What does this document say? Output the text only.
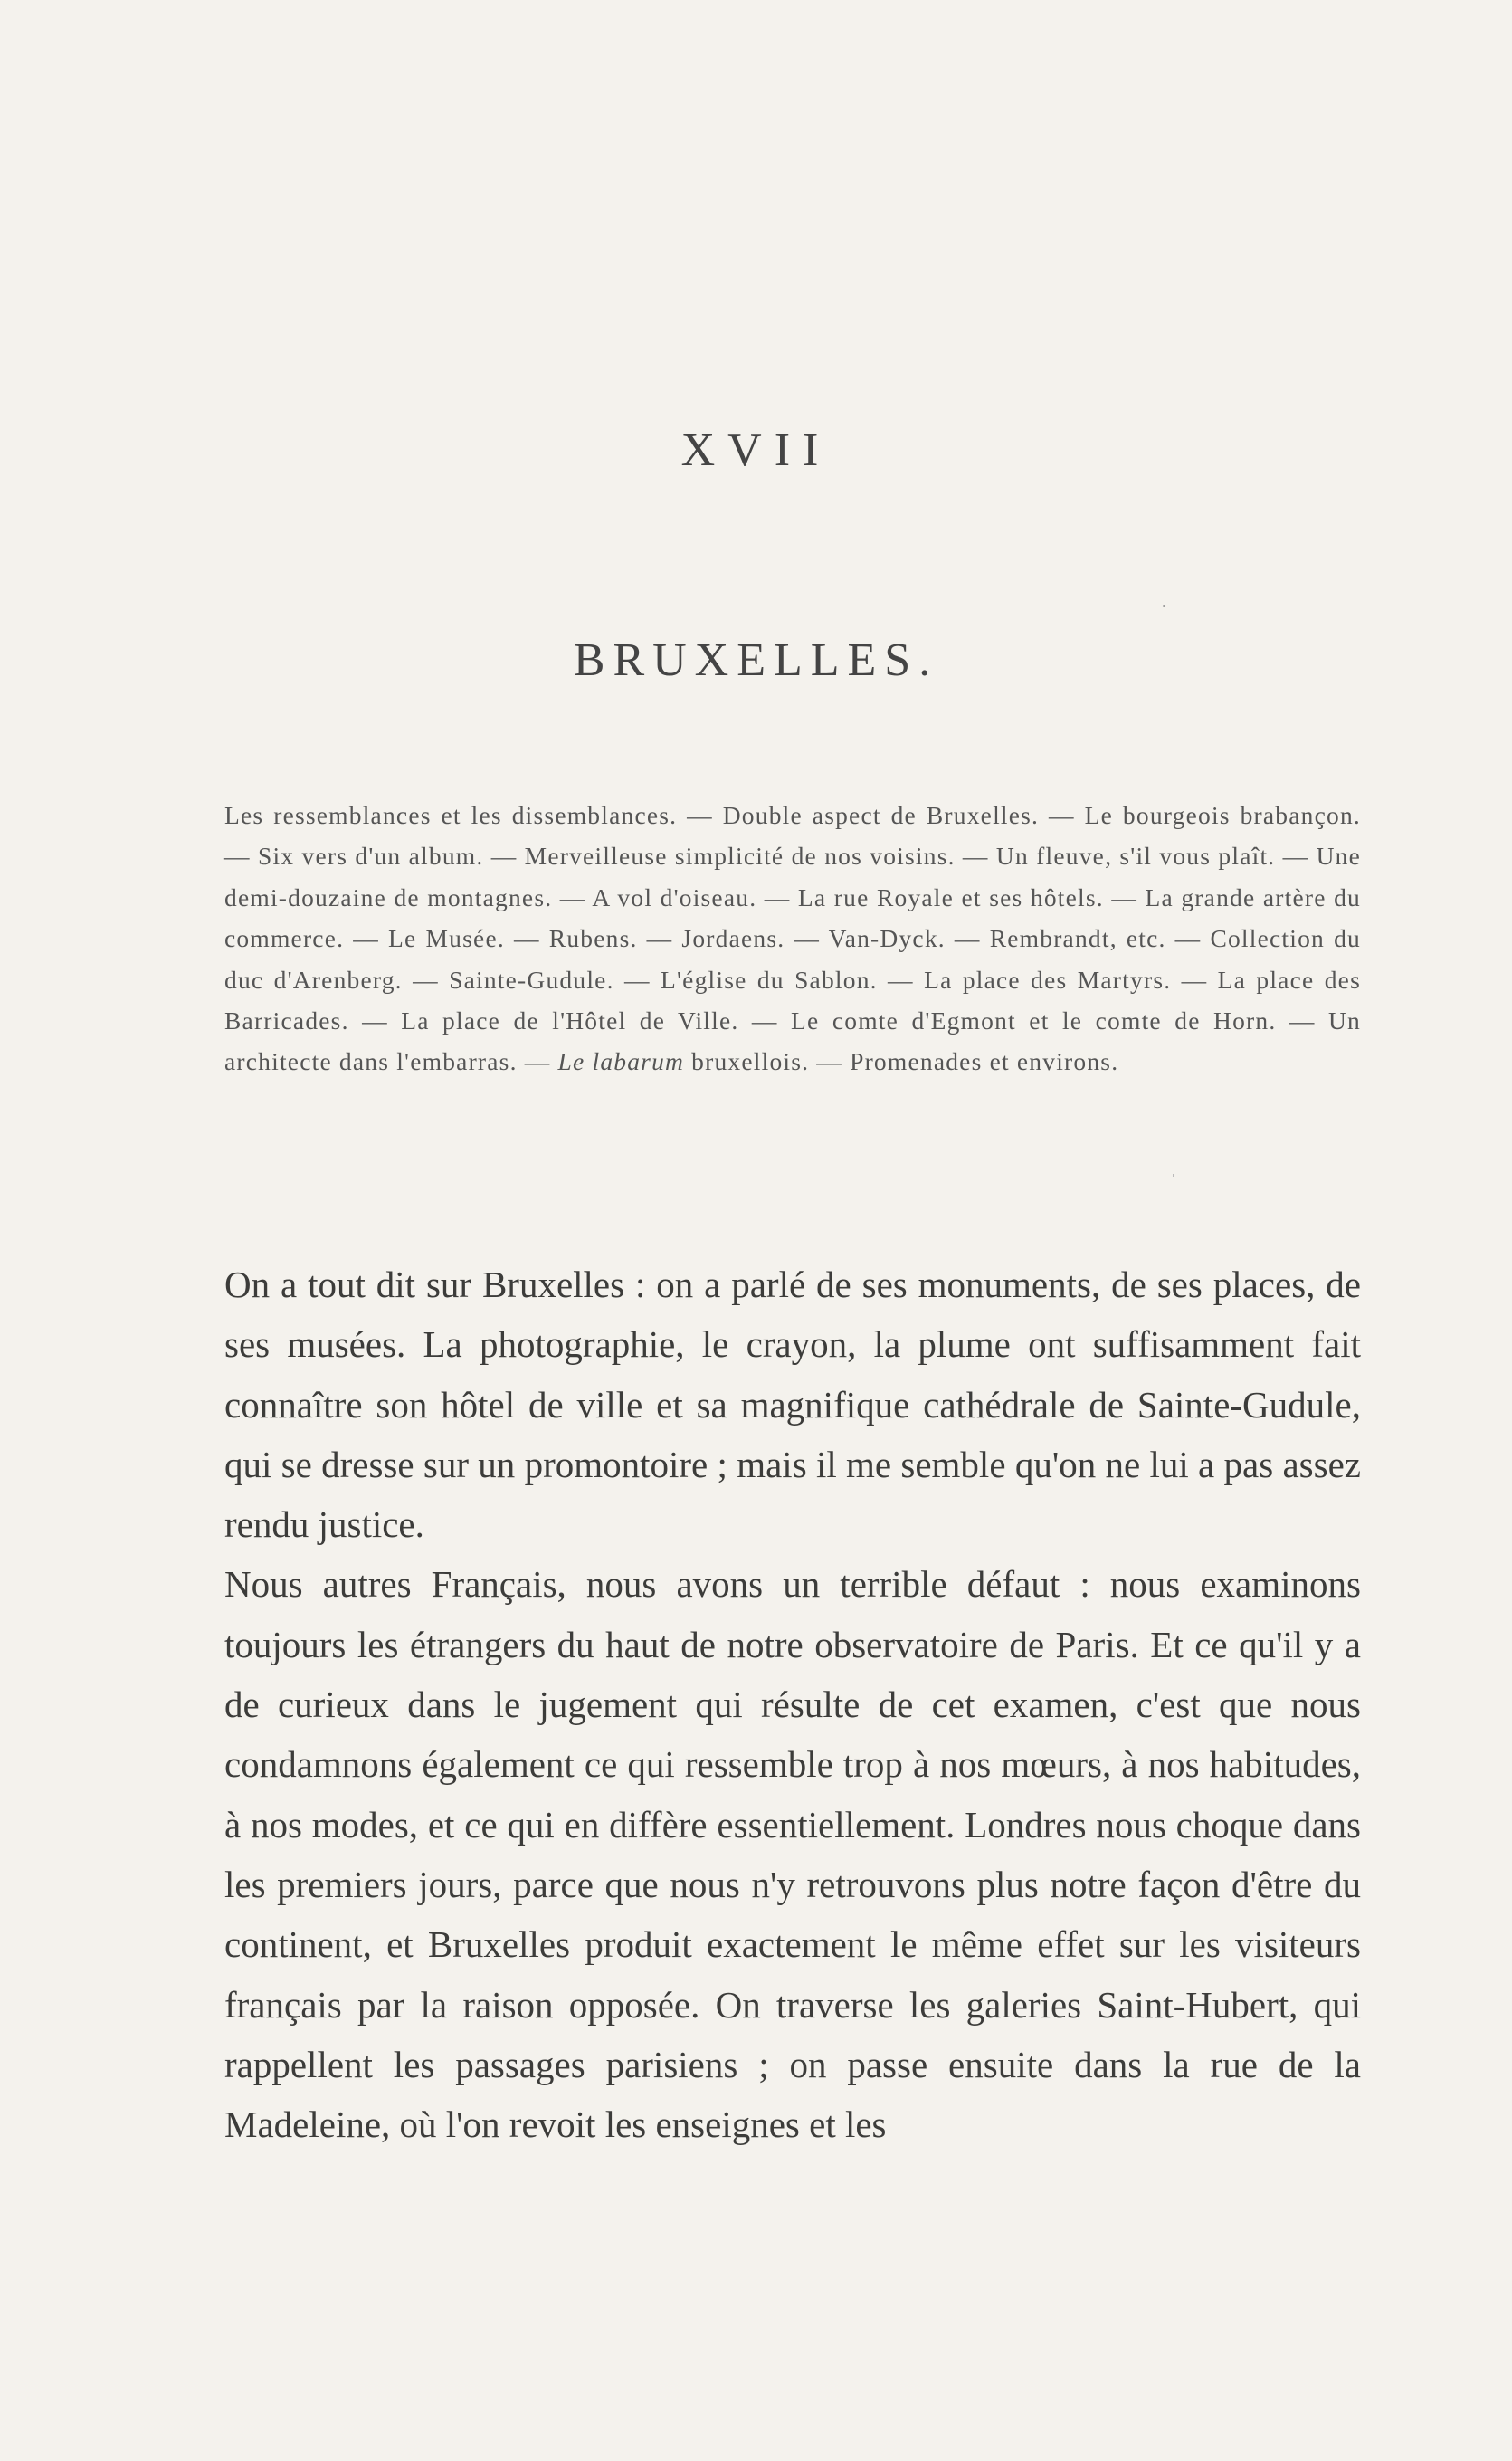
XVII
BRUXELLES.

Les ressemblances et les dissemblances. — Double aspect de Bruxelles. — Le bourgeois brabançon. — Six vers d'un album. — Merveilleuse simplicité de nos voisins. — Un fleuve, s'il vous plaît. — Une demi-douzaine de montagnes. — A vol d'oiseau. — La rue Royale et ses hôtels. — La grande artère du commerce. — Le Musée. — Rubens. — Jordaens. — Van-Dyck. — Rembrandt, etc. — Collection du duc d'Arenberg. — Sainte-Gudule. — L'église du Sablon. — La place des Martyrs. — La place des Barricades. — La place de l'Hôtel de Ville. — Le comte d'Egmont et le comte de Horn. — Un architecte dans l'embarras. — Le labarum bruxellois. — Promenades et environs.

On a tout dit sur Bruxelles : on a parlé de ses monuments, de ses places, de ses musées. La photographie, le crayon, la plume ont suffisamment fait connaître son hôtel de ville et sa magnifique cathédrale de Sainte-Gudule, qui se dresse sur un promontoire ; mais il me semble qu'on ne lui a pas assez rendu justice.

Nous autres Français, nous avons un terrible défaut : nous examinons toujours les étrangers du haut de notre observatoire de Paris. Et ce qu'il y a de curieux dans le jugement qui résulte de cet examen, c'est que nous condamnons également ce qui ressemble trop à nos mœurs, à nos habitudes, à nos modes, et ce qui en diffère essentiellement. Londres nous choque dans les premiers jours, parce que nous n'y retrouvons plus notre façon d'être du continent, et Bruxelles produit exactement le même effet sur les visiteurs français par la raison opposée. On traverse les galeries Saint-Hubert, qui rappellent les passages parisiens ; on passe ensuite dans la rue de la Madeleine, où l'on revoit les enseignes et les
